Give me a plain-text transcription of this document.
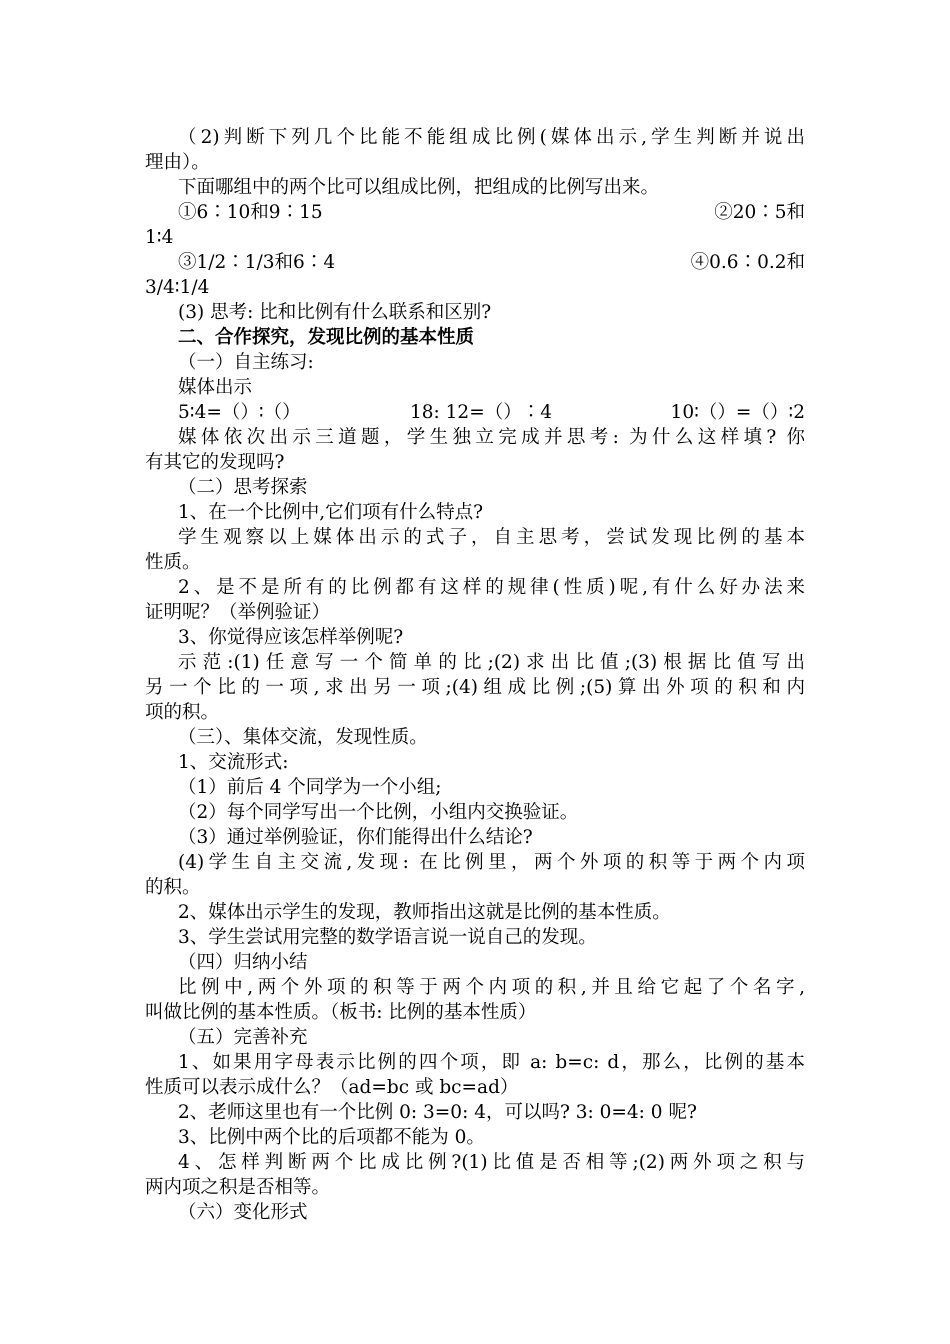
（2)判断下列几个比能不能组成比例(媒体出示,学生判断并说出
理由）。
下面哪组中的两个比可以组成比例，把组成的比例写出来。
①6∶10和9∶15	②20∶5和
1∶4
③1/2∶1/3和6∶4	④0.6∶0.2和
3/4∶1/4
(3) 思考: 比和比例有什么联系和区别?
二、合作探究，发现比例的基本性质
（一）自主练习:
媒体出示
5∶4=（）∶（）	18: 12=（）∶4	10∶（）=（）∶2
媒体依次出示三道题，学生独立完成并思考: 为什么这样填? 你
有其它的发现吗?
（二）思考探索
1、在一个比例中,它们项有什么特点?
学生观察以上媒体出示的式子，自主思考，尝试发现比例的基本
性质。
2、是不是所有的比例都有这样的规律(性质)呢,有什么好办法来
证明呢？（举例验证）
3、你觉得应该怎样举例呢?
示范:(1)任意写一个简单的比;(2)求出比值;(3)根据比值写出
另一个比的一项,求出另一项;(4)组成比例;(5)算出外项的积和内
项的积。
（三）、集体交流，发现性质。
1、交流形式:
（1）前后 4 个同学为一个小组;
（2）每个同学写出一个比例，小组内交换验证。
（3）通过举例验证，你们能得出什么结论?
(4)学生自主交流,发现: 在比例里，两个外项的积等于两个内项
的积。
2、媒体出示学生的发现，教师指出这就是比例的基本性质。
3、学生尝试用完整的数学语言说一说自己的发现。
（四）归纳小结
比例中,两个外项的积等于两个内项的积,并且给它起了个名字,
叫做比例的基本性质。（板书: 比例的基本性质）
（五）完善补充
1、如果用字母表示比例的四个项，即 a: b=c: d，那么，比例的基本
性质可以表示成什么？（ad=bc 或 bc=ad）
2、老师这里也有一个比例 0: 3=0: 4，可以吗? 3: 0=4: 0 呢?
3、比例中两个比的后项都不能为 0。
4、怎样判断两个比成比例?(1)比值是否相等;(2)两外项之积与
两内项之积是否相等。
（六）变化形式
